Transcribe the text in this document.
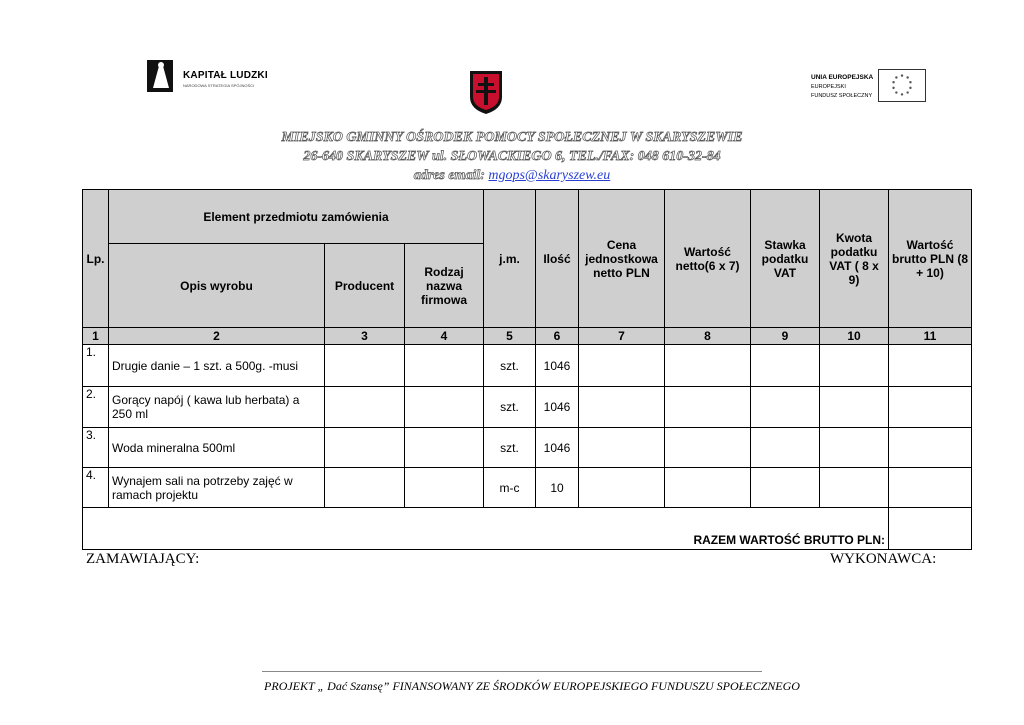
KAPITAŁ LUDZKI
NARODOWA STRATEGIA SPÓJNOŚCI
UNIA EUROPEJSKA
EUROPEJSKI
FUNDUSZ SPOŁECZNY
MIEJSKO GMINNY OŚRODEK POMOCY SPOŁECZNEJ W SKARYSZEWIE
26-640 SKARYSZEW ul. SŁOWACKIEGO 6, TEL./FAX: 048 610-32-84
adres email: mgops@skaryszew.eu
Lp.	Element przedmiotu zamówienia			j.m.	Ilość	Cena jednostkowa netto PLN	Wartość netto(6 x 7)	Stawka podatku VAT	Kwota podatku VAT ( 8 x 9)	Wartość brutto PLN (8 + 10)
	Opis wyrobu	Producent	Rodzaj nazwa firmowa							
1	2	3	4	5	6	7	8	9	10	11
1.	Drugie danie – 1 szt. a 500g. -musi			szt.	1046					
2.	Gorący napój ( kawa lub herbata) a 250 ml			szt.	1046					
3.	Woda mineralna 500ml			szt.	1046					
4.	Wynajem sali na potrzeby zajęć w ramach projektu			m-c	10					
RAZEM WARTOŚĆ BRUTTO PLN:										
ZAMAWIAJĄCY:	WYKONAWCA:
PROJEKT „ Dać Szansę” FINANSOWANY ZE ŚRODKÓW EUROPEJSKIEGO FUNDUSZU SPOŁECZNEGO
